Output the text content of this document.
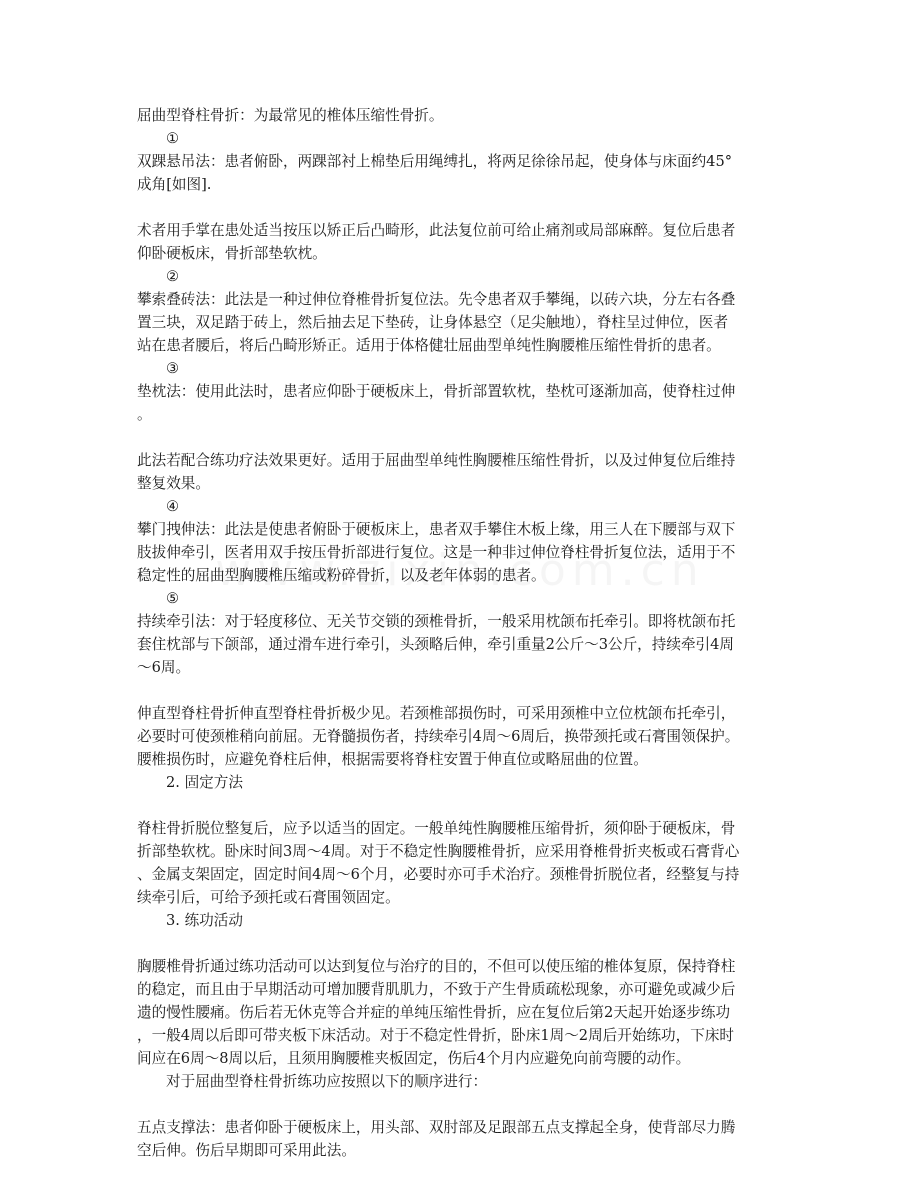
屈曲型脊柱骨折：为最常见的椎体压缩性骨折。
①
双踝悬吊法：患者俯卧，两踝部衬上棉垫后用绳缚扎，将两足徐徐吊起，使身体与床面约45°
成角[如图].
术者用手掌在患处适当按压以矫正后凸畸形，此法复位前可给止痛剂或局部麻醉。复位后患者
仰卧硬板床，骨折部垫软枕。
②
攀索叠砖法：此法是一种过伸位脊椎骨折复位法。先令患者双手攀绳，以砖六块，分左右各叠
置三块，双足踏于砖上，然后抽去足下垫砖，让身体悬空（足尖触地），脊柱呈过伸位，医者
站在患者腰后，将后凸畸形矫正。适用于体格健壮屈曲型单纯性胸腰椎压缩性骨折的患者。
③
垫枕法：使用此法时，患者应仰卧于硬板床上，骨折部置软枕，垫枕可逐渐加高，使脊柱过伸
。
此法若配合练功疗法效果更好。适用于屈曲型单纯性胸腰椎压缩性骨折，以及过伸复位后维持
整复效果。
④
攀门拽伸法：此法是使患者俯卧于硬板床上，患者双手攀住木板上缘，用三人在下腰部与双下
肢拔伸牵引，医者用双手按压骨折部进行复位。这是一种非过伸位脊柱骨折复位法，适用于不
稳定性的屈曲型胸腰椎压缩或粉碎骨折，以及老年体弱的患者。
⑤
持续牵引法：对于轻度移位、无关节交锁的颈椎骨折，一般采用枕颌布托牵引。即将枕颌布托
套住枕部与下颌部，通过滑车进行牵引，头颈略后伸，牵引重量2公斤～3公斤，持续牵引4周
～6周。
伸直型脊柱骨折伸直型脊柱骨折极少见。若颈椎部损伤时，可采用颈椎中立位枕颌布托牵引，
必要时可使颈椎稍向前屈。无脊髓损伤者，持续牵引4周～6周后，换带颈托或石膏围领保护。
腰椎损伤时，应避免脊柱后伸，根据需要将脊柱安置于伸直位或略屈曲的位置。
2. 固定方法
脊柱骨折脱位整复后，应予以适当的固定。一般单纯性胸腰椎压缩骨折，须仰卧于硬板床，骨
折部垫软枕。卧床时间3周～4周。对于不稳定性胸腰椎骨折，应采用脊椎骨折夹板或石膏背心
、金属支架固定，固定时间4周～6个月，必要时亦可手术治疗。颈椎骨折脱位者，经整复与持
续牵引后，可给予颈托或石膏围领固定。
3. 练功活动
胸腰椎骨折通过练功活动可以达到复位与治疗的目的，不但可以使压缩的椎体复原，保持脊柱
的稳定，而且由于早期活动可增加腰背肌肌力，不致于产生骨质疏松现象，亦可避免或减少后
遗的慢性腰痛。伤后若无休克等合并症的单纯压缩性骨折，应在复位后第2天起开始逐步练功
，一般4周以后即可带夹板下床活动。对于不稳定性骨折，卧床1周～2周后开始练功，下床时
间应在6周～8周以后，且须用胸腰椎夹板固定，伤后4个月内应避免向前弯腰的动作。
对于屈曲型脊柱骨折练功应按照以下的顺序进行：
五点支撑法：患者仰卧于硬板床上，用头部、双肘部及足跟部五点支撑起全身，使背部尽力腾
空后伸。伤后早期即可采用此法。
